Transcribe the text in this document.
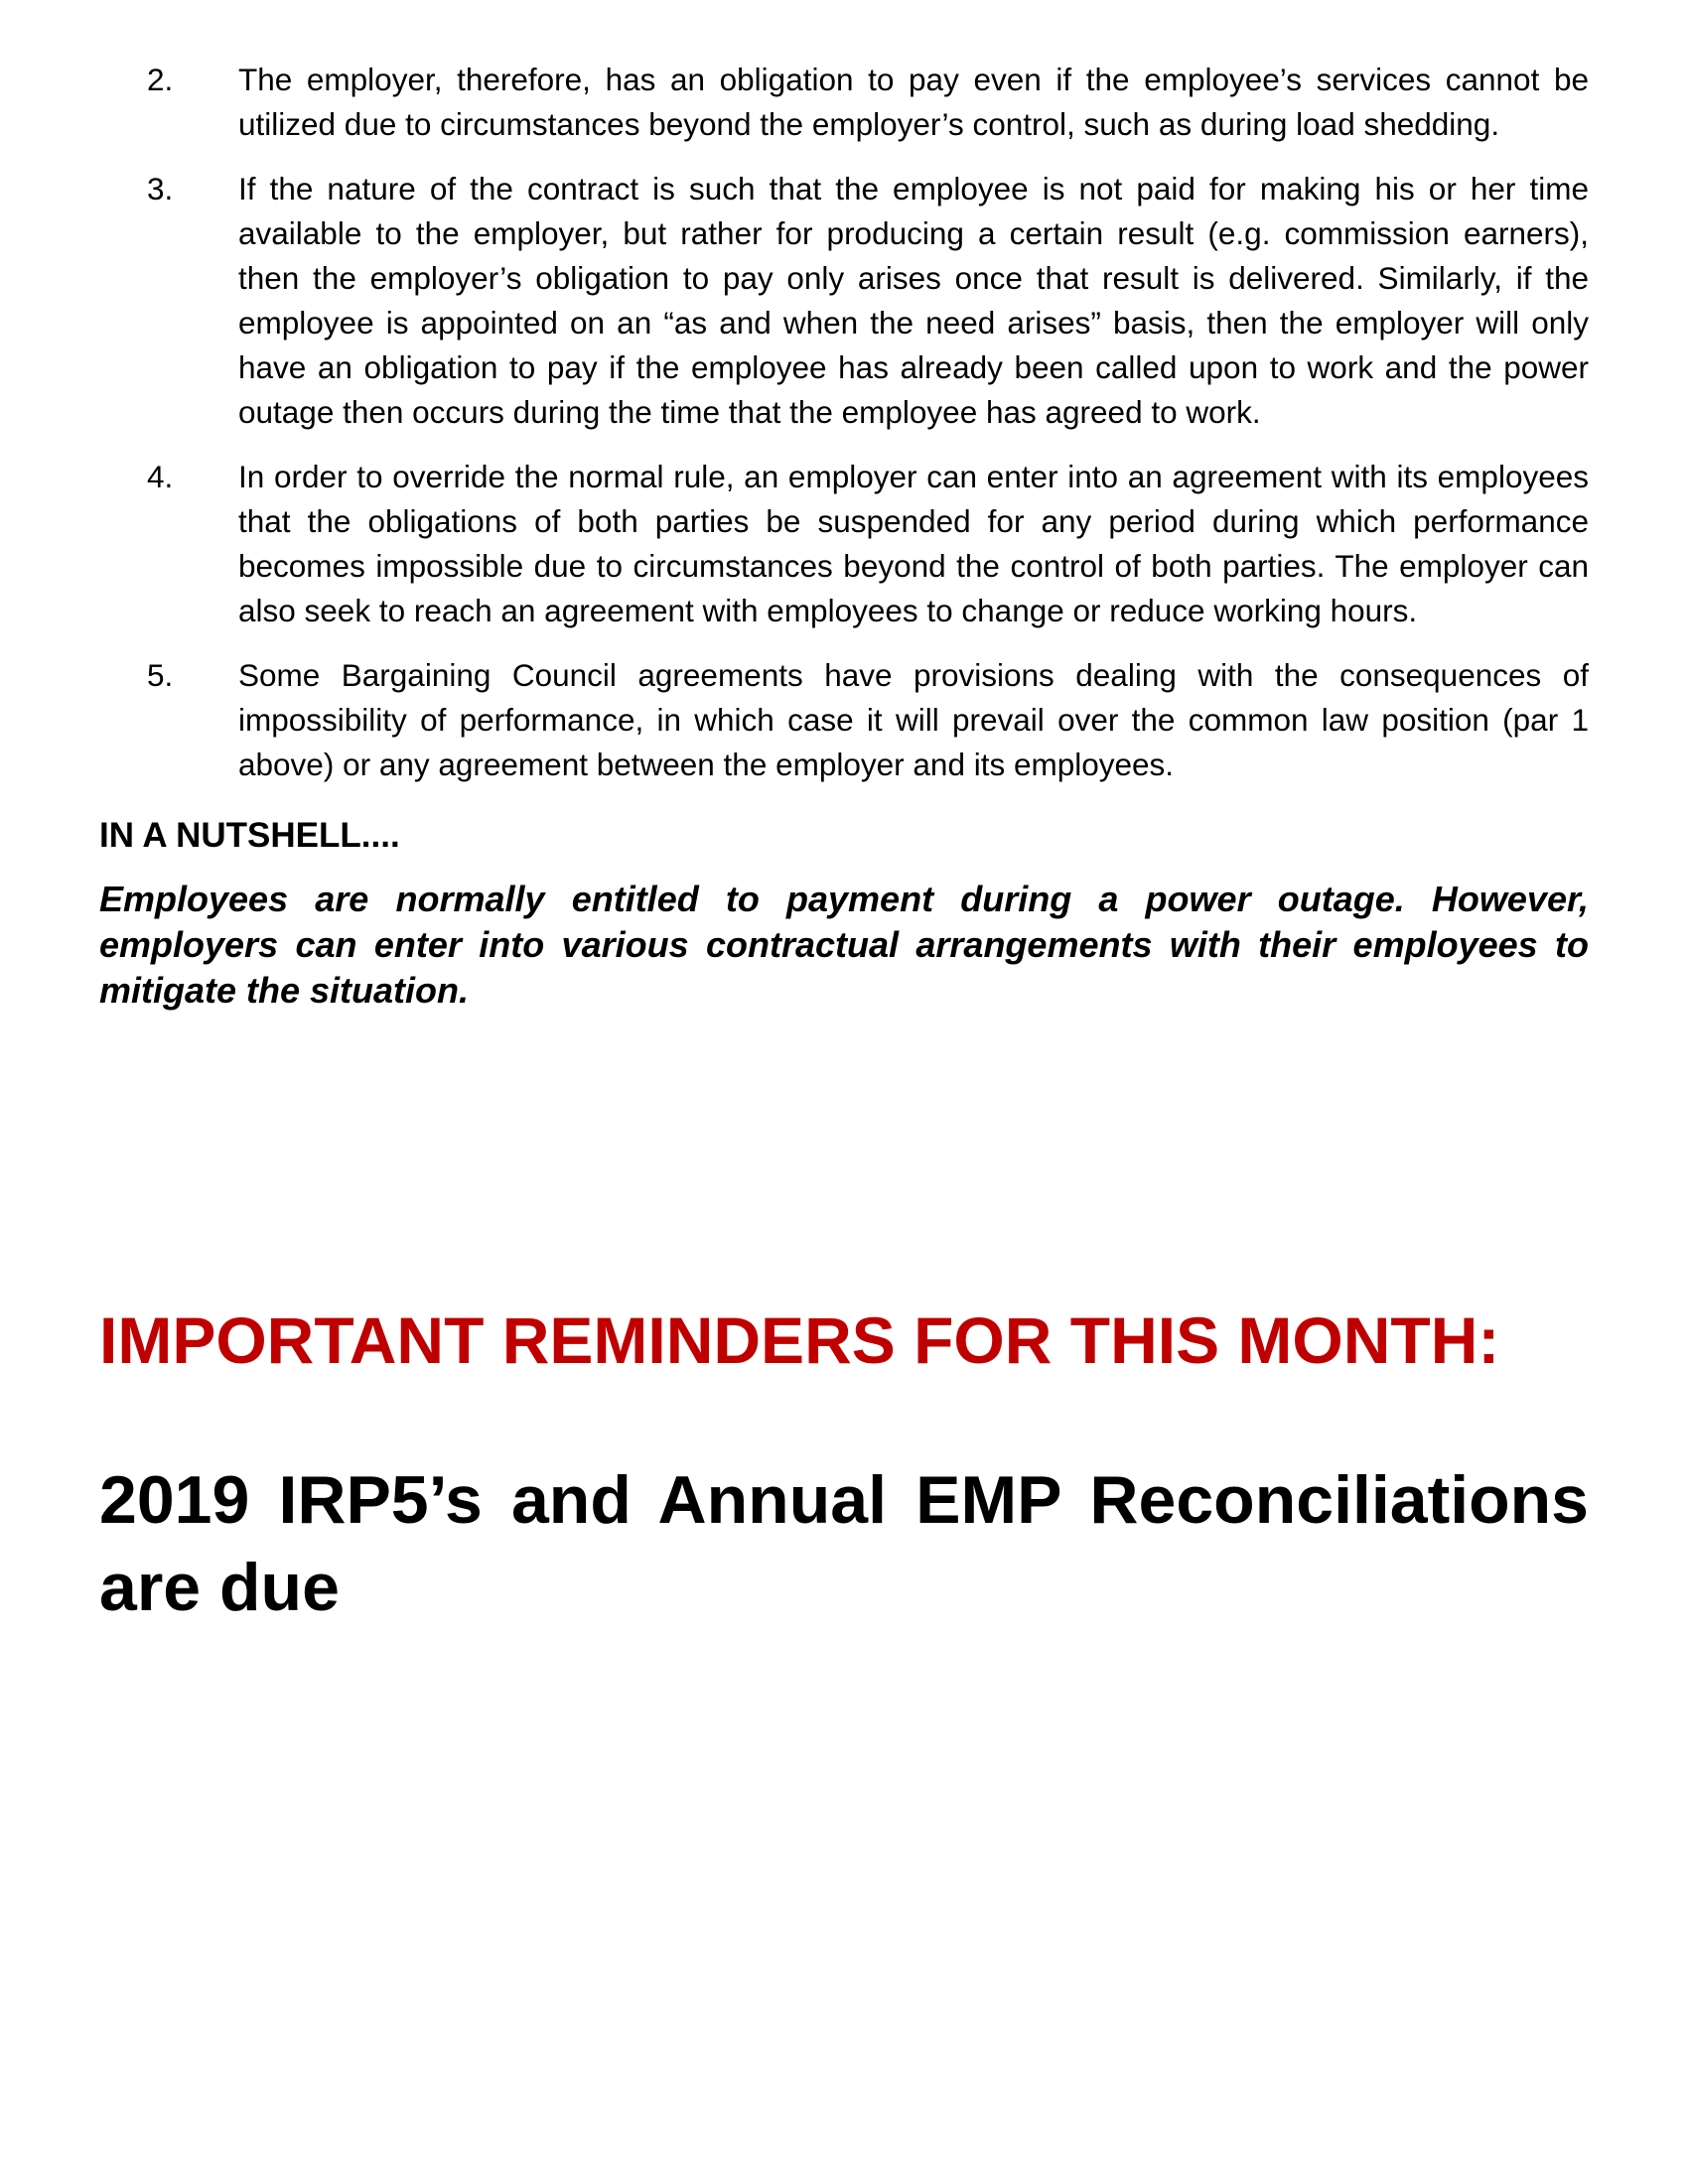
2.	The employer, therefore, has an obligation to pay even if the employee’s services cannot be utilized due to circumstances beyond the employer’s control, such as during load shedding.
3.	If the nature of the contract is such that the employee is not paid for making his or her time available to the employer, but rather for producing a certain result (e.g. commission earners), then the employer’s obligation to pay only arises once that result is delivered. Similarly, if the employee is appointed on an “as and when the need arises” basis, then the employer will only have an obligation to pay if the employee has already been called upon to work and the power outage then occurs during the time that the employee has agreed to work.
4.	In order to override the normal rule, an employer can enter into an agreement with its employees that the obligations of both parties be suspended for any period during which performance becomes impossible due to circumstances beyond the control of both parties. The employer can also seek to reach an agreement with employees to change or reduce working hours.
5.	Some Bargaining Council agreements have provisions dealing with the consequences of impossibility of performance, in which case it will prevail over the common law position (par 1 above) or any agreement between the employer and its employees.
IN A NUTSHELL....

Employees are normally entitled to payment during a power outage. However, employers can enter into various contractual arrangements with their employees to mitigate the situation.

IMPORTANT REMINDERS FOR THIS MONTH:
2019 IRP5’s and Annual EMP Reconciliations are due
